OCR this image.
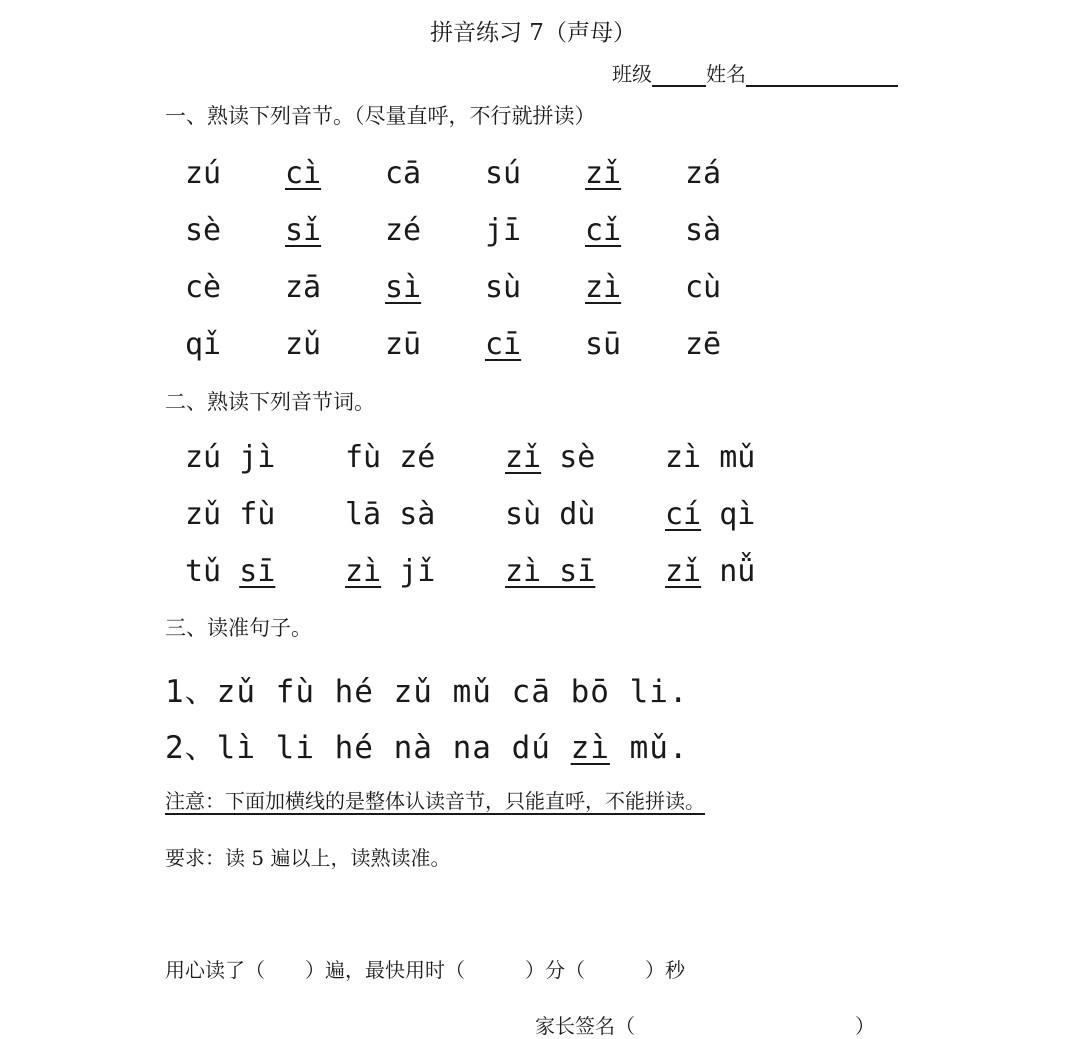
拼音练习 7（声母）
班级	姓名
一、熟读下列音节。（尽量直呼，不行就拼读）
zú cì cā sú zǐ zá
sè sǐ zé jī cǐ sà
cè zā sì sù zì cù
qǐ zǔ zū cī sū zē
二、熟读下列音节词。
zú jì fù zé zǐ sè zì mǔ
zǔ fù lā sà sù dù cí qì
tǔ sī zì jǐ zì sī zǐ nǚ
三、读准句子。
1、zǔ fù hé zǔ mǔ cā bō li.
2、lì li hé nà na dú zì mǔ.
注意：下面加横线的是整体认读音节，只能直呼，不能拼读。
要求：读 5 遍以上，读熟读准。
用心读了（　　）遍，最快用时（　　　）分（　　　）秒
家长签名（　　　　　　　　　　　）
